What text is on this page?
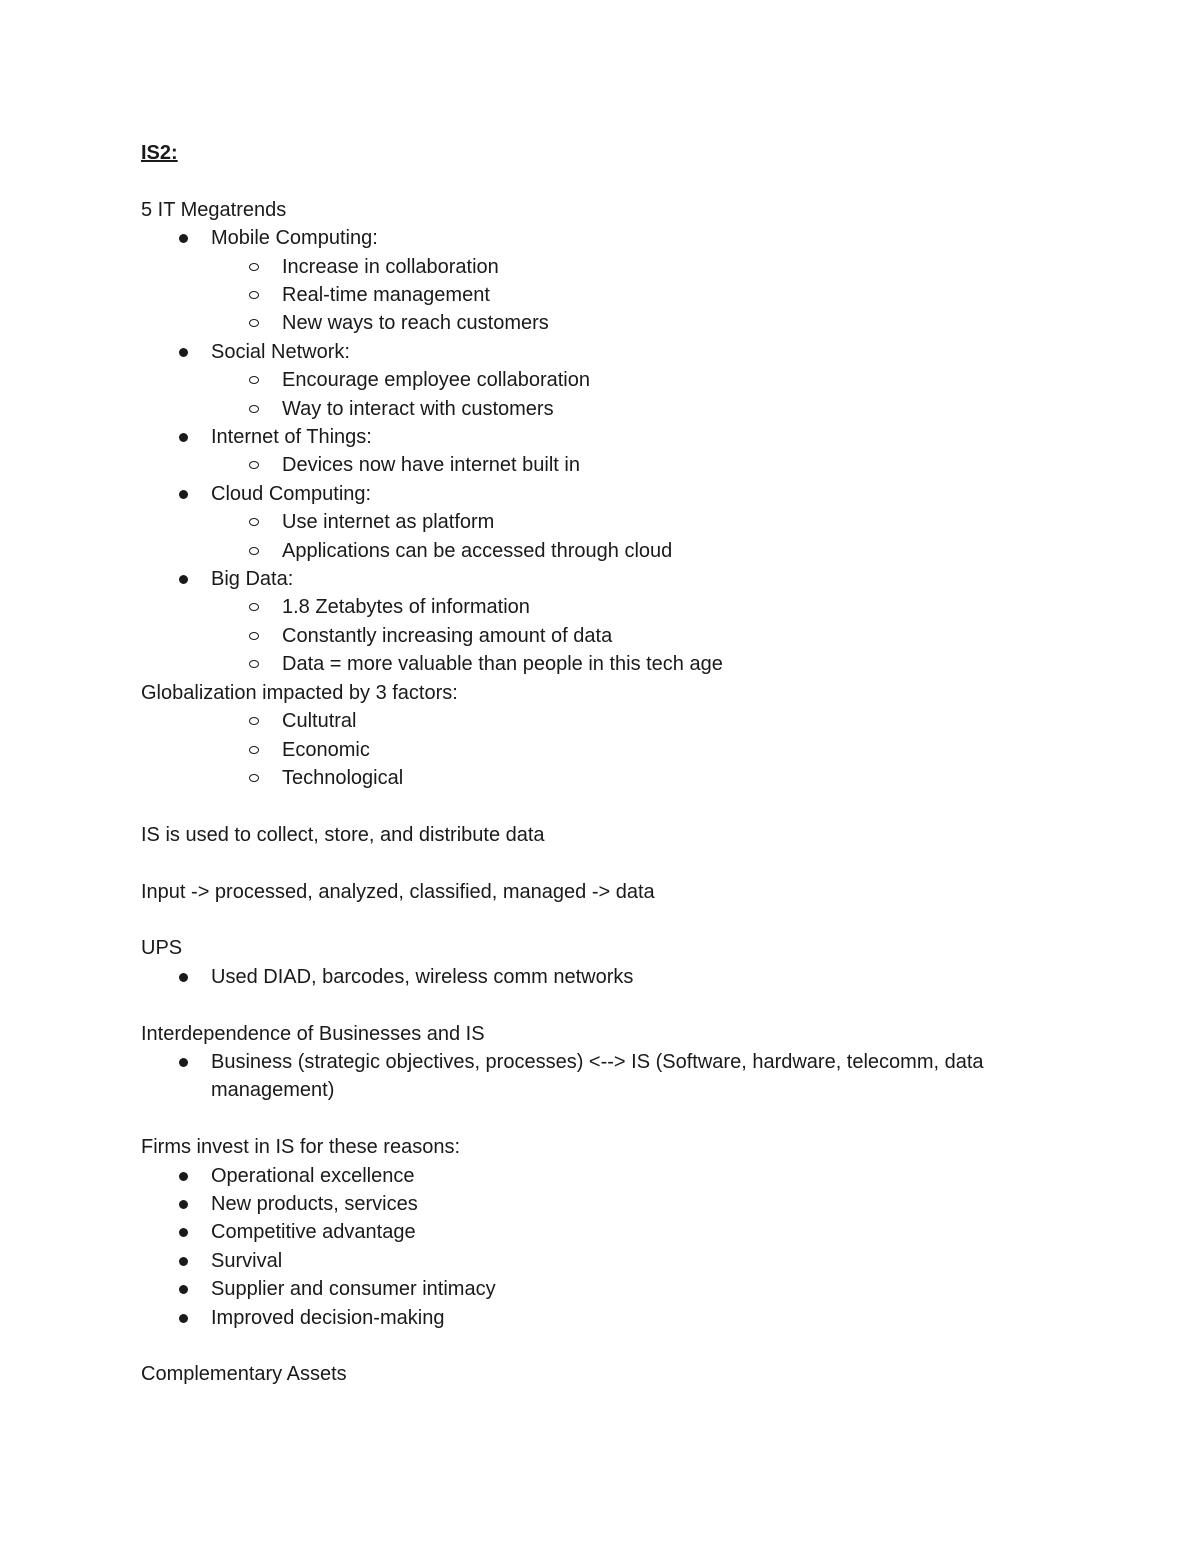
IS2:
5 IT Megatrends
Mobile Computing:
Increase in collaboration
Real-time management
New ways to reach customers
Social Network:
Encourage employee collaboration
Way to interact with customers
Internet of Things:
Devices now have internet built in
Cloud Computing:
Use internet as platform
Applications can be accessed through cloud
Big Data:
1.8 Zetabytes of information
Constantly increasing amount of data
Data = more valuable than people in this tech age
Globalization impacted by 3 factors:
Cultutral
Economic
Technological
IS is used to collect, store, and distribute data
Input -> processed, analyzed, classified, managed -> data
UPS
Used DIAD, barcodes, wireless comm networks
Interdependence of Businesses and IS
Business (strategic objectives, processes) <--> IS (Software, hardware, telecomm, data management)
Firms invest in IS for these reasons:
Operational excellence
New products, services
Competitive advantage
Survival
Supplier and consumer intimacy
Improved decision-making
Complementary Assets
